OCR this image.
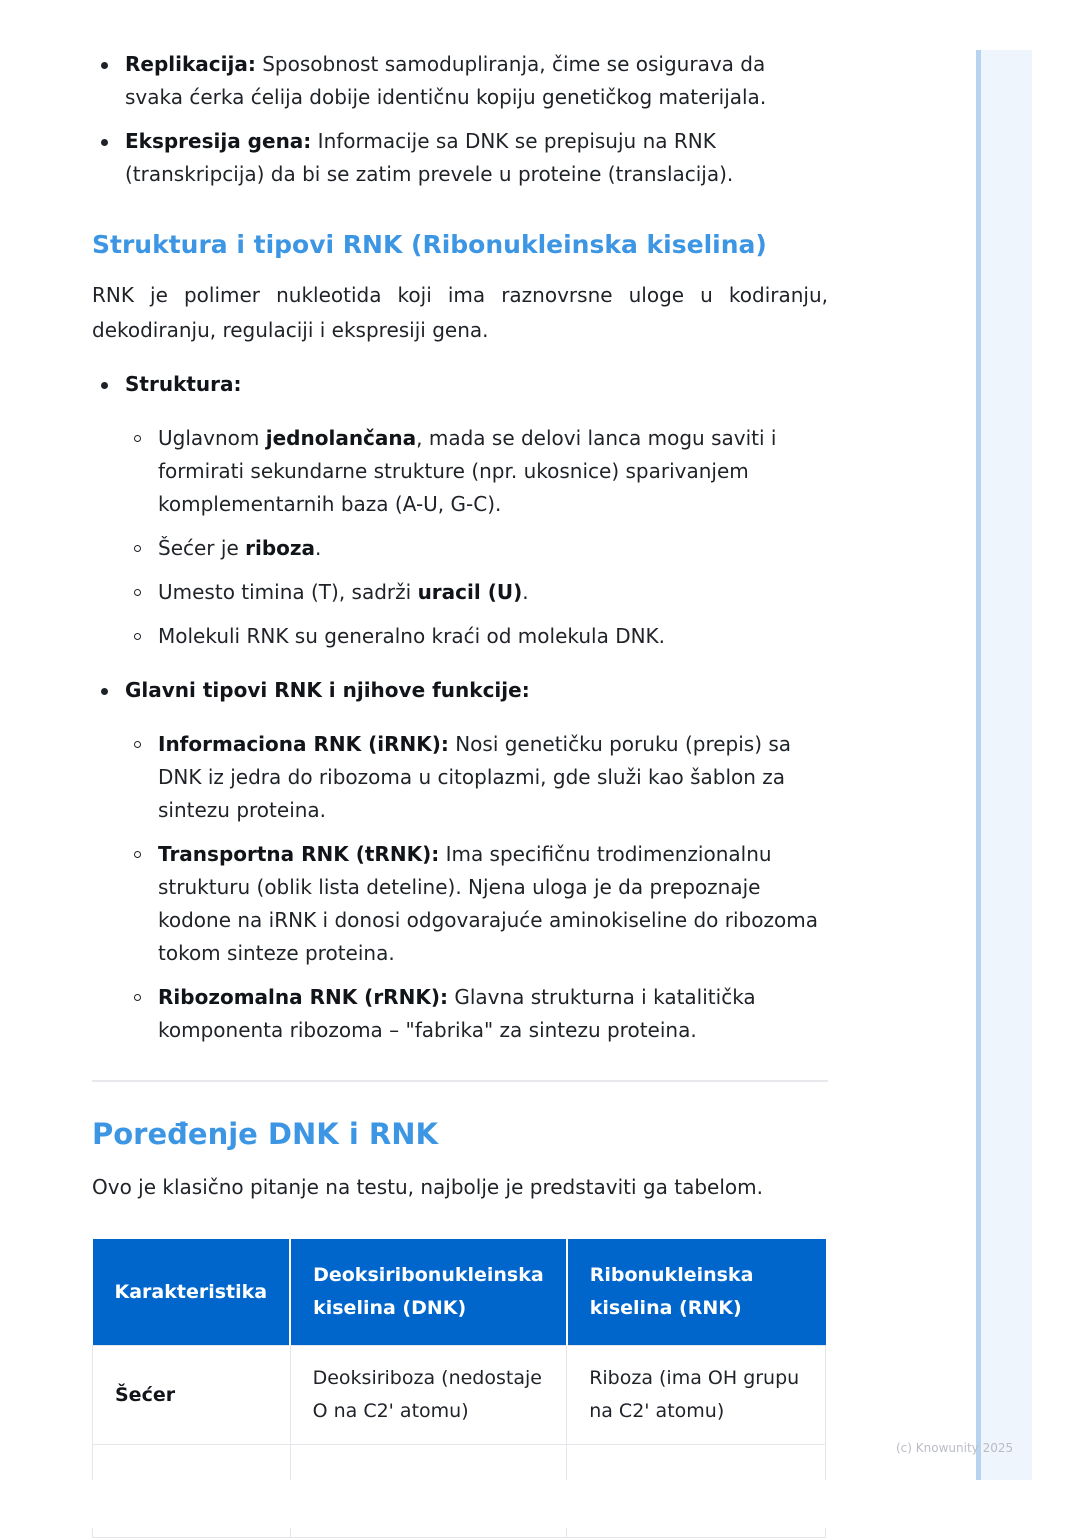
Replikacija: Sposobnost samodupliranja, čime se osigurava da svaka ćerka ćelija dobije identičnu kopiju genetičkog materijala.
Ekspresija gena: Informacije sa DNK se prepisuju na RNK (transkripcija) da bi se zatim prevele u proteine (translacija).
Struktura i tipovi RNK (Ribonukleinska kiselina)

RNK je polimer nukleotida koji ima raznovrsne uloge u kodiranju, dekodiranju, regulaciji i ekspresiji gena.

Struktura:
Uglavnom jednolančana, mada se delovi lanca mogu saviti i formirati sekundarne strukture (npr. ukosnice) sparivanjem komplementarnih baza (A-U, G-C).
Šećer je riboza.
Umesto timina (T), sadrži uracil (U).
Molekuli RNK su generalno kraći od molekula DNK.
Glavni tipovi RNK i njihove funkcije:
Informaciona RNK (iRNK): Nosi genetičku poruku (prepis) sa DNK iz jedra do ribozoma u citoplazmi, gde služi kao šablon za sintezu proteina.
Transportna RNK (tRNK): Ima specifičnu trodimenzionalnu strukturu (oblik lista deteline). Njena uloga je da prepoznaje kodone na iRNK i donosi odgovarajuće aminokiseline do ribozoma tokom sinteze proteina.
Ribozomalna RNK (rRNK): Glavna strukturna i katalitička komponenta ribozoma – "fabrika" za sintezu proteina.
Poređenje DNK i RNK

Ovo je klasično pitanje na testu, najbolje je predstaviti ga tabelom.

Karakteristika	Deoksiribonukleinska kiselina (DNK)	Ribonukleinska kiselina (RNK)
Šećer	Deoksiriboza (nedostaje O na C2' atomu)	Riboza (ima OH grupu na C2' atomu)

(c) Knowunity 2025
